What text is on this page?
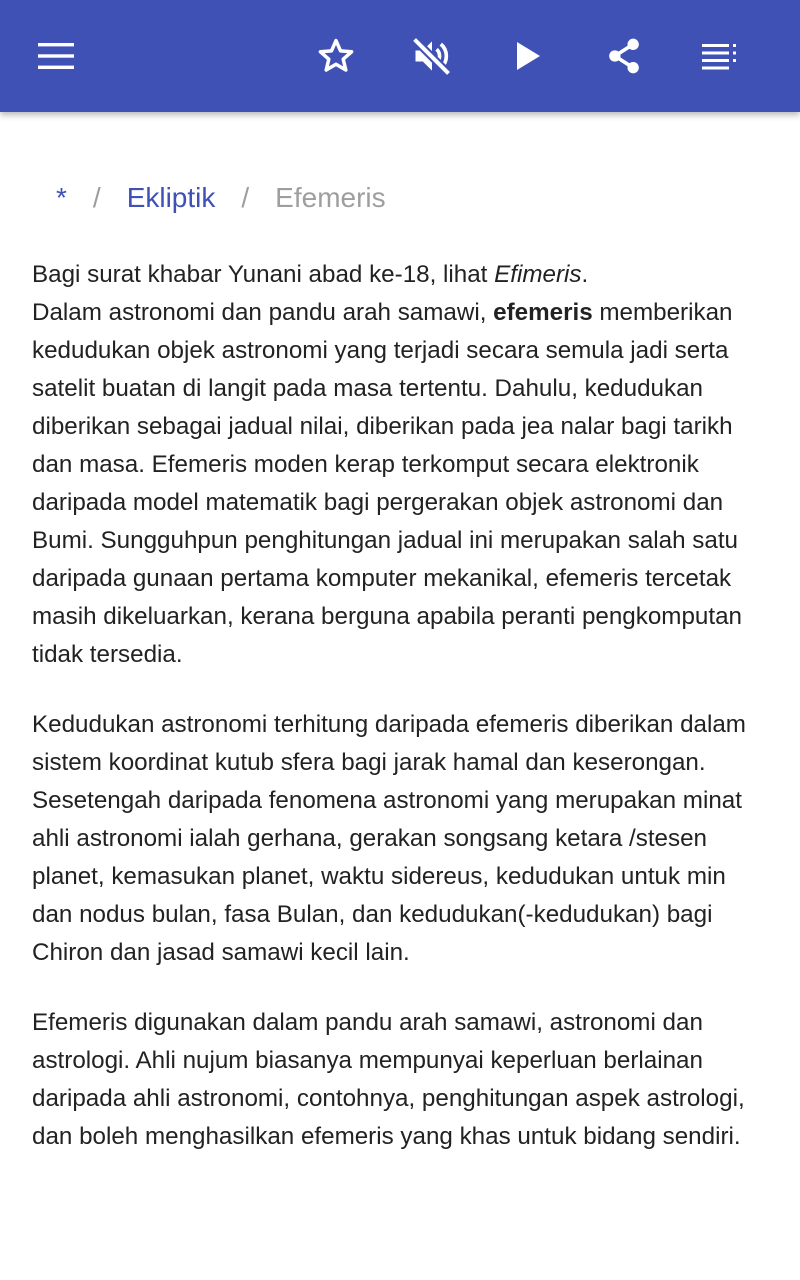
* / Ekliptik / Efemeris

Bagi surat khabar Yunani abad ke-18, lihat Efimeris.

Dalam astronomi dan pandu arah samawi, efemeris memberikan kedudukan objek astronomi yang terjadi secara semula jadi serta satelit buatan di langit pada masa tertentu. Dahulu, kedudukan diberikan sebagai jadual nilai, diberikan pada jea nalar bagi tarikh dan masa. Efemeris moden kerap terkomput secara elektronik daripada model matematik bagi pergerakan objek astronomi dan Bumi. Sungguhpun penghitungan jadual ini merupakan salah satu daripada gunaan pertama komputer mekanikal, efemeris tercetak masih dikeluarkan, kerana berguna apabila peranti pengkomputan tidak tersedia.

Kedudukan astronomi terhitung daripada efemeris diberikan dalam sistem koordinat kutub sfera bagi jarak hamal dan keserongan. Sesetengah daripada fenomena astronomi yang merupakan minat ahli astronomi ialah gerhana, gerakan songsang ketara /stesen planet, kemasukan planet, waktu sidereus, kedudukan untuk min dan nodus bulan, fasa Bulan, dan kedudukan(-kedudukan) bagi Chiron dan jasad samawi kecil lain.

Efemeris digunakan dalam pandu arah samawi, astronomi dan astrologi. Ahli nujum biasanya mempunyai keperluan berlainan daripada ahli astronomi, contohnya, penghitungan aspek astrologi, dan boleh menghasilkan efemeris yang khas untuk bidang sendiri.
